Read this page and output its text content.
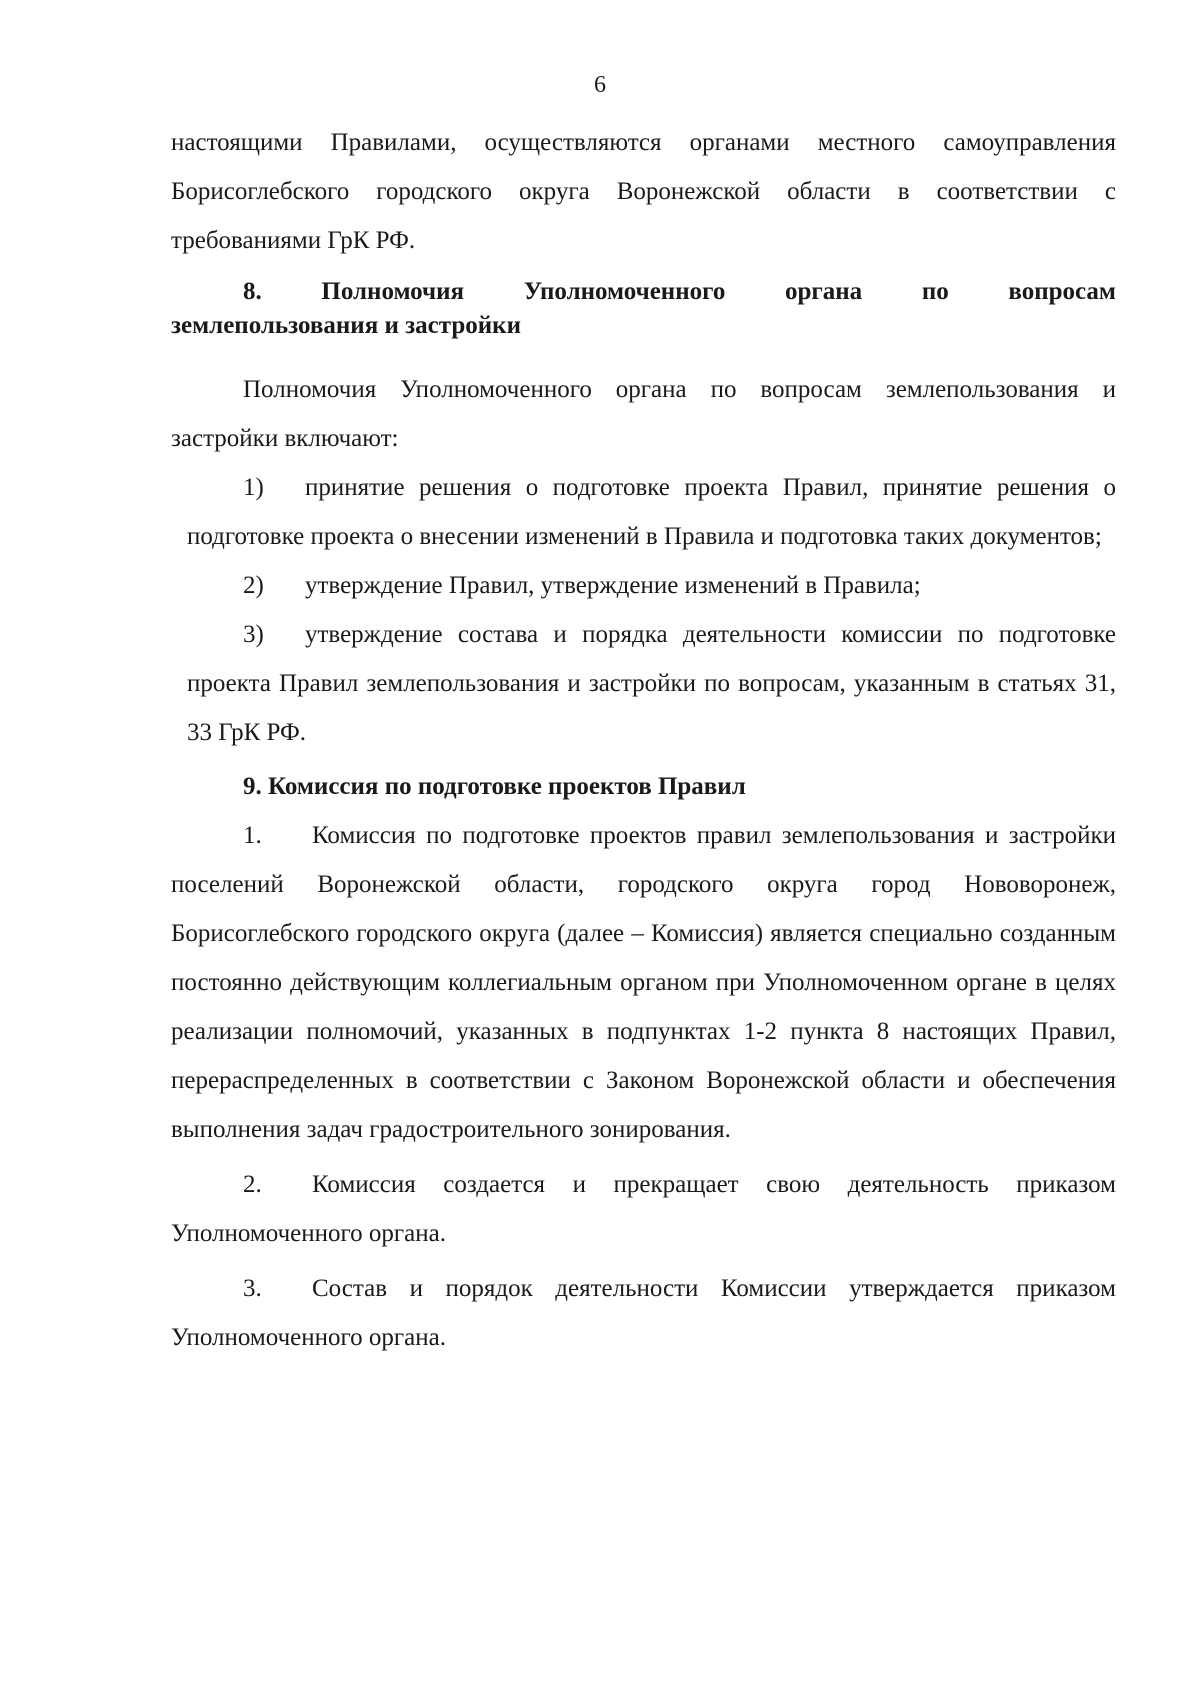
6

настоящими Правилами, осуществляются органами местного самоуправления Борисоглебского городского округа Воронежской области в соответствии с требованиями ГрК РФ.

8. Полномочия Уполномоченного органа по вопросам
землепользования и застройки

Полномочия Уполномоченного органа по вопросам землепользования и застройки включают:

1) принятие решения о подготовке проекта Правил, принятие решения о подготовке проекта о внесении изменений в Правила и подготовка таких документов;

2) утверждение Правил, утверждение изменений в Правила;

3) утверждение состава и порядка деятельности комиссии по подготовке проекта Правил землепользования и застройки по вопросам, указанным в статьях 31, 33 ГрК РФ.

9. Комиссия по подготовке проектов Правил

1. Комиссия по подготовке проектов правил землепользования и застройки поселений Воронежской области, городского округа город Нововоронеж, Борисоглебского городского округа (далее – Комиссия) является специально созданным постоянно действующим коллегиальным органом при Уполномоченном органе в целях реализации полномочий, указанных в подпунктах 1-2 пункта 8 настоящих Правил, перераспределенных в соответствии с Законом Воронежской области и обеспечения выполнения задач градостроительного зонирования.

2. Комиссия создается и прекращает свою деятельность приказом Уполномоченного органа.

3. Состав и порядок деятельности Комиссии утверждается приказом Уполномоченного органа.
